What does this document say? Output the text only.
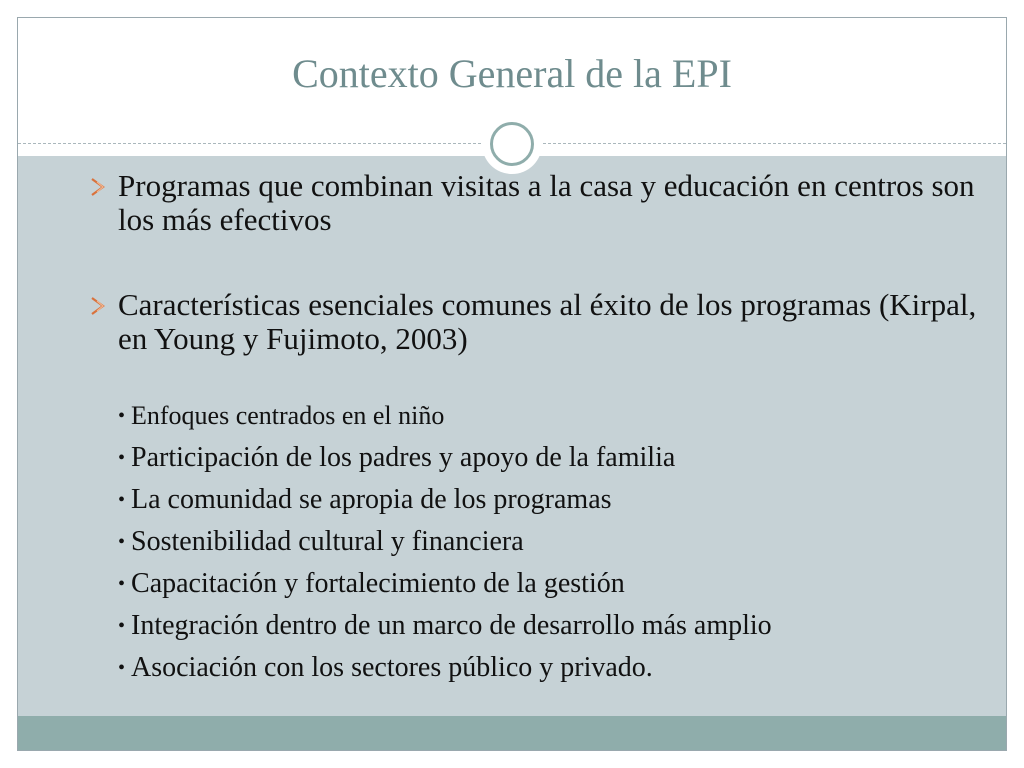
Contexto General de la EPI
Programas que combinan visitas a la casa y educación en centros son los más efectivos
Características esenciales comunes al éxito de los programas (Kirpal, en Young y Fujimoto, 2003)
• Enfoques centrados en el niño
• Participación de los padres y apoyo de la familia
• La comunidad se apropia de los programas
• Sostenibilidad cultural y financiera
• Capacitación y fortalecimiento de la gestión
• Integración dentro de un marco de desarrollo más amplio
• Asociación con los sectores público y privado.
